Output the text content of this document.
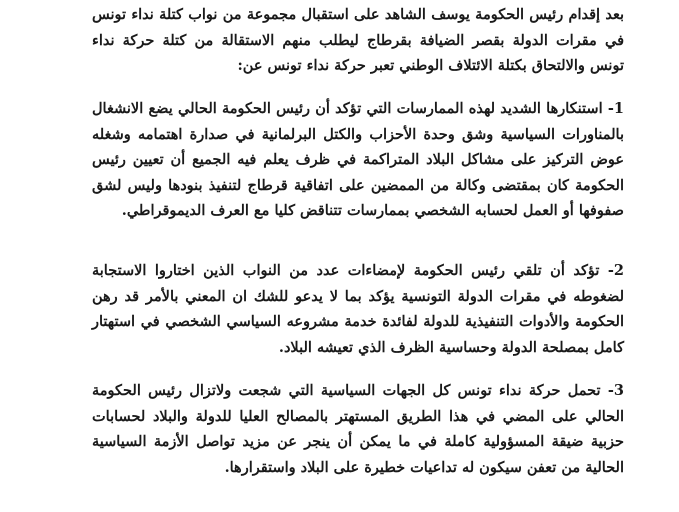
بعد إقدام رئيس الحكومة يوسف الشاهد على استقبال مجموعة من نواب كتلة نداء تونس في مقرات الدولة بقصر الضيافة بقرطاج ليطلب منهم الاستقالة من كتلة حركة نداء تونس والالتحاق بكتلة الائتلاف الوطني تعبر حركة نداء تونس عن:

1- استنكارها الشديد لهذه الممارسات التي تؤكد أن رئيس الحكومة الحالي يضع الانشغال بالمناورات السياسية وشق وحدة الأحزاب والكتل البرلمانية في صدارة اهتمامه وشغله عوض التركيز على مشاكل البلاد المتراكمة في ظرف يعلم فيه الجميع أن تعيين رئيس الحكومة كان بمقتضى وكالة من الممضين على اتفاقية قرطاج لتنفيذ بنودها وليس لشق صفوفها أو العمل لحسابه الشخصي بممارسات تتناقض كليا مع العرف الديموقراطي.

2- تؤكد أن تلقي رئيس الحكومة لإمضاءات عدد من النواب الذين اختاروا الاستجابة لضغوطه في مقرات الدولة التونسية يؤكد بما لا يدعو للشك ان المعني بالأمر قد رهن الحكومة والأدوات التنفيذية للدولة لفائدة خدمة مشروعه السياسي الشخصي في استهتار كامل بمصلحة الدولة وحساسية الظرف الذي تعيشه البلاد.

3- تحمل حركة نداء تونس كل الجهات السياسية التي شجعت ولاتزال رئيس الحكومة الحالي على المضي في هذا الطريق المستهتر بالمصالح العليا للدولة والبلاد لحسابات حزبية ضيقة المسؤولية كاملة في ما يمكن أن ينجر عن مزيد تواصل الأزمة السياسية الحالية من تعفن سيكون له تداعيات خطيرة على البلاد واستقرارها.
